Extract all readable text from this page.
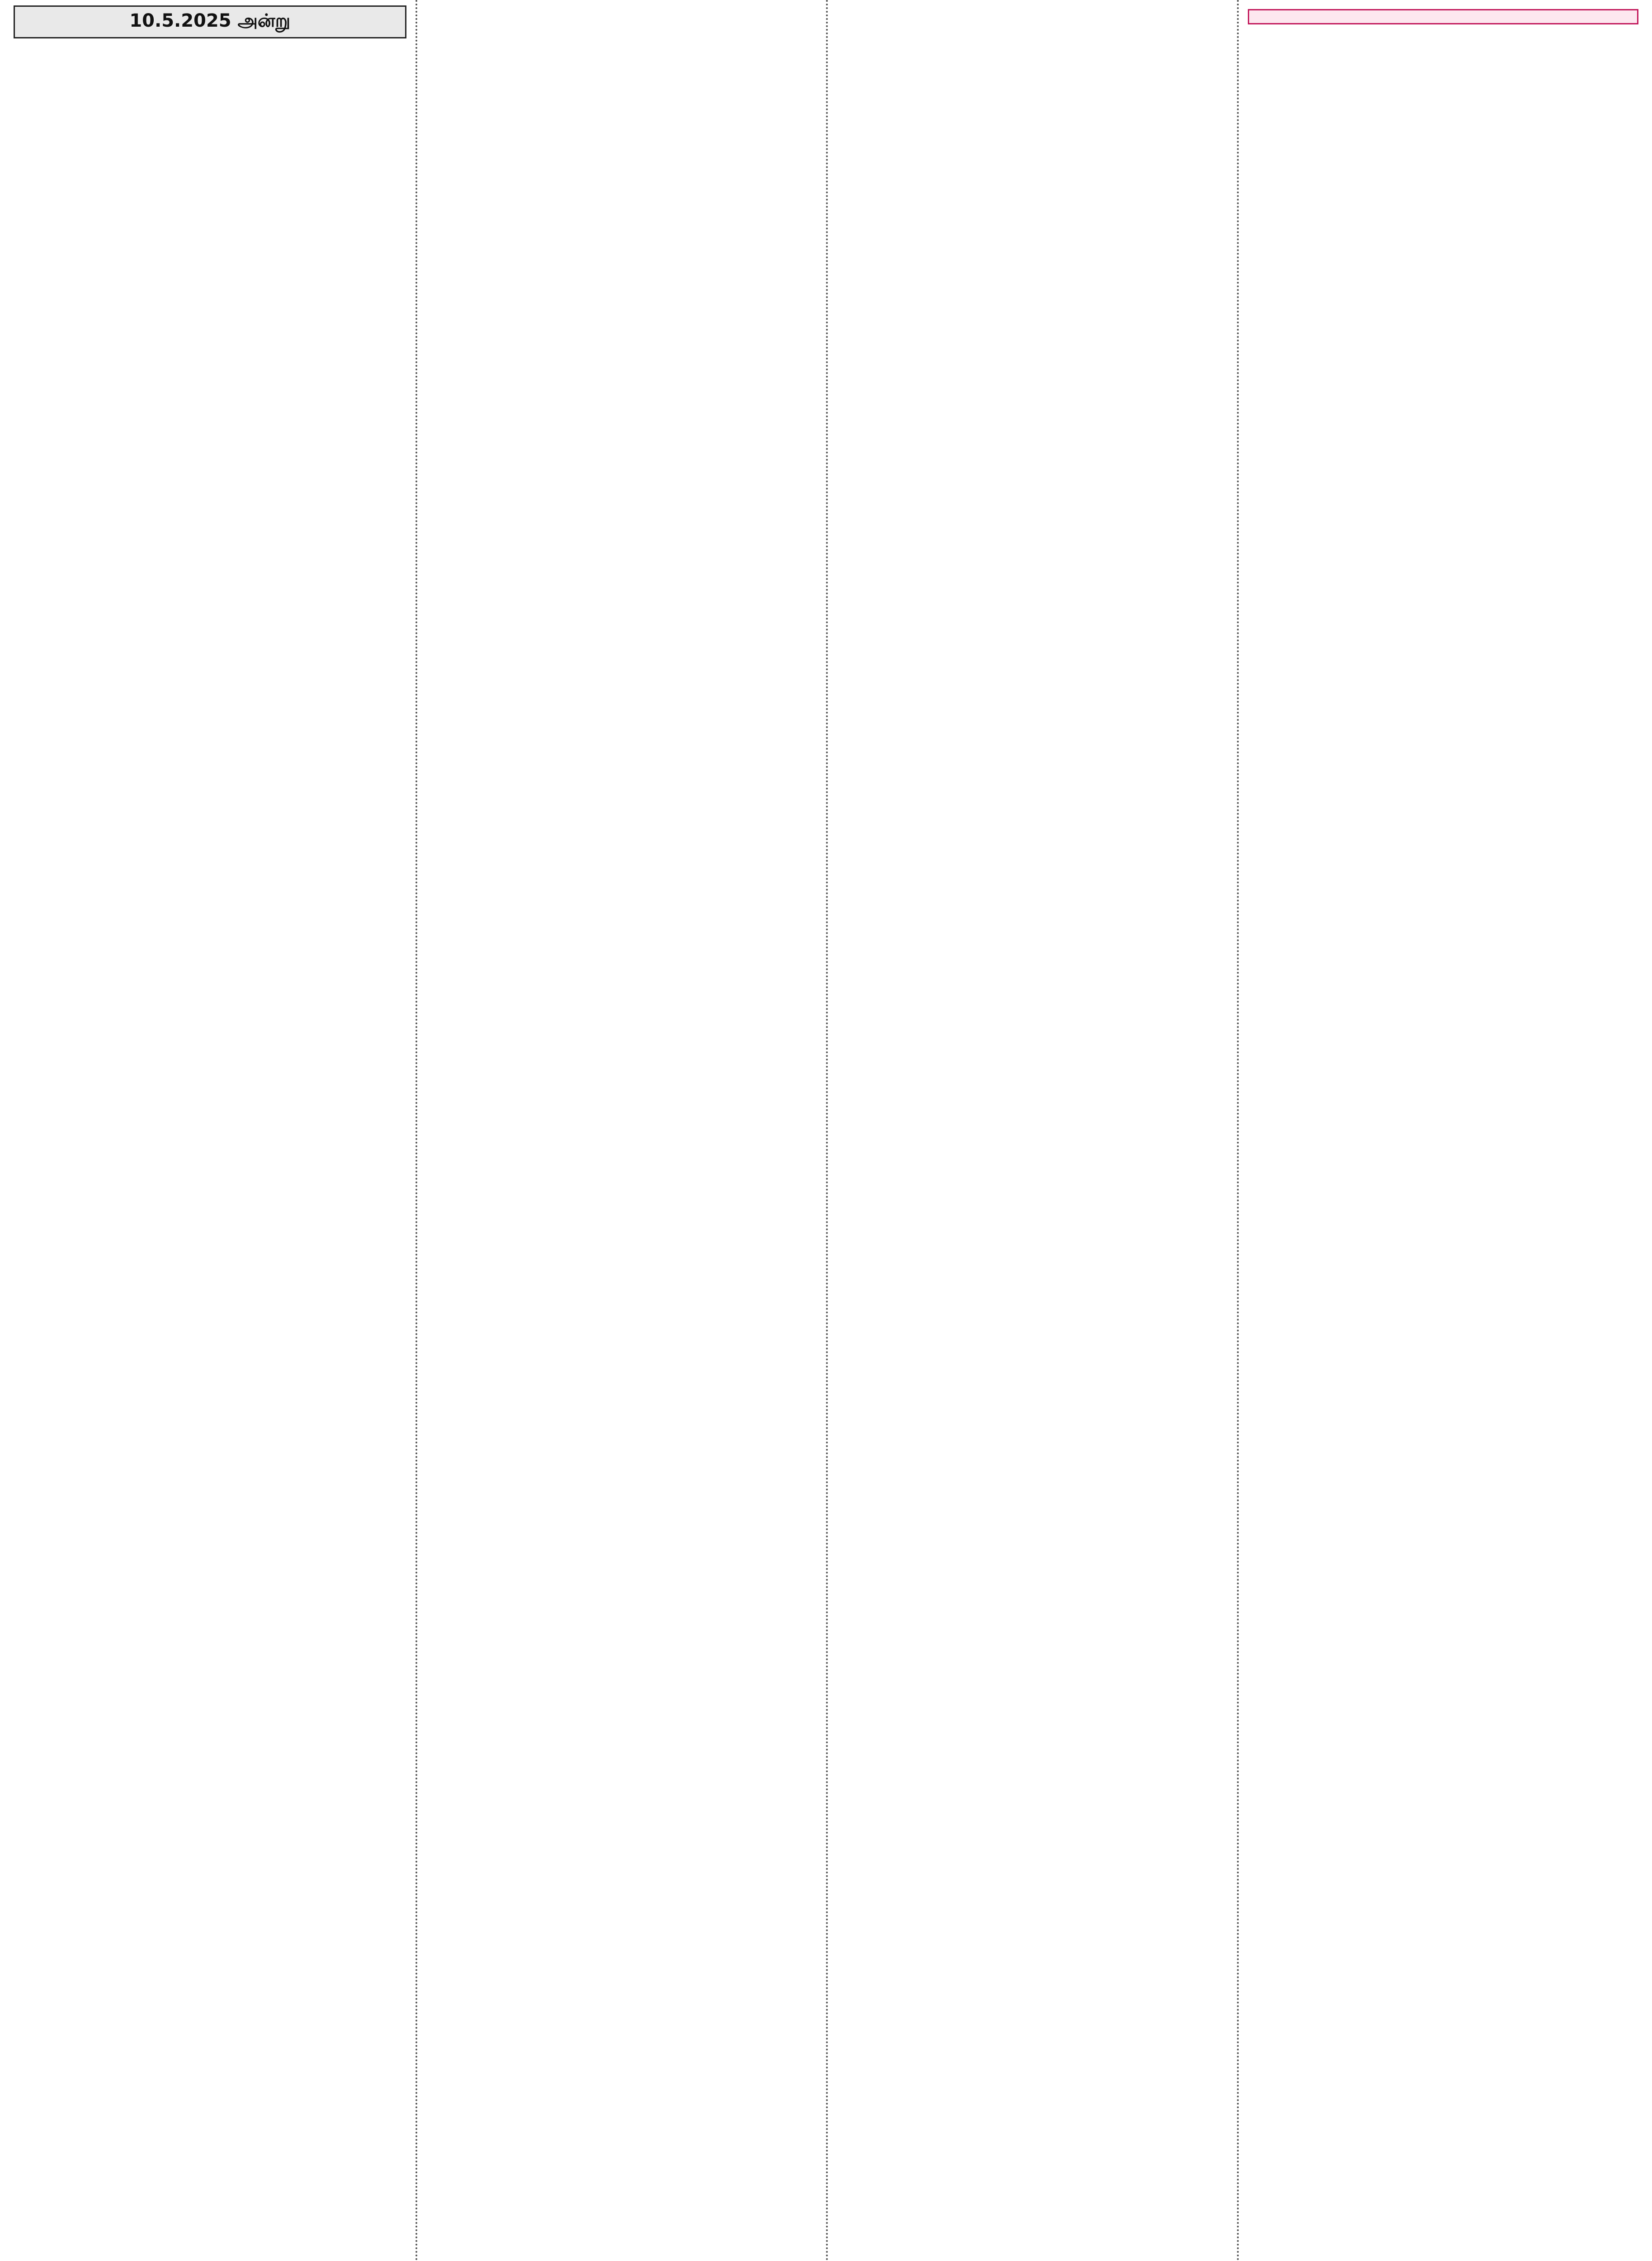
10.5.2025 அன்று
